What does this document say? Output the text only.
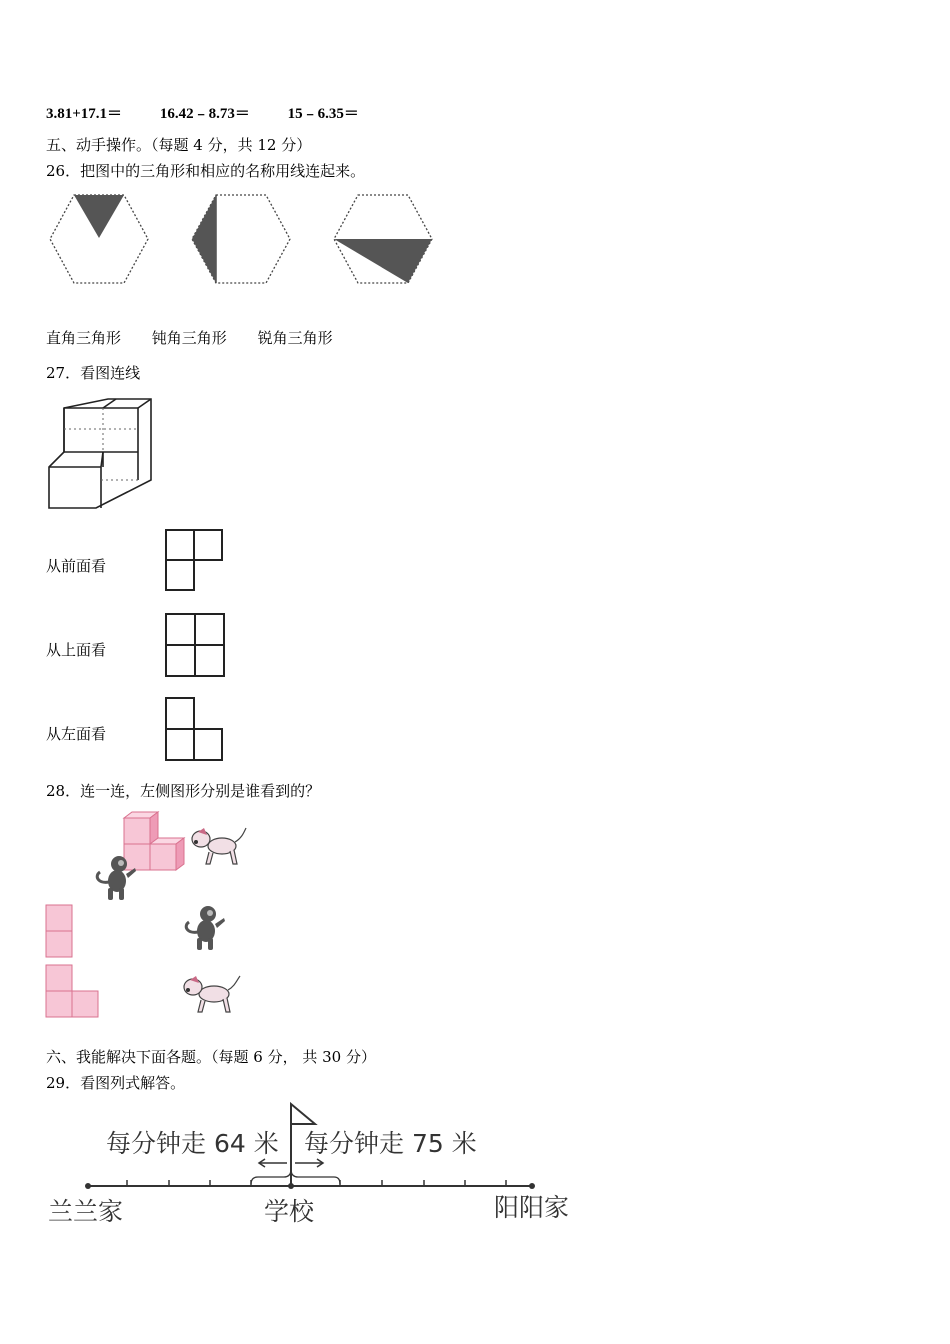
3.81+17.1＝	16.42﹣8.73＝	15﹣6.35＝
五、动手操作。（每题 4 分，共 12 分）
26．把图中的三角形和相应的名称用线连起来。
直角三角形 钝角三角形 锐角三角形
27．看图连线
从前面看
从上面看
从左面看
28．连一连，左侧图形分别是谁看到的？
六、我能解决下面各题。（每题 6 分， 共 30 分）
29．看图列式解答。
每分钟走 64 米 每分钟走 75 米
兰兰家	学校	阳阳家
